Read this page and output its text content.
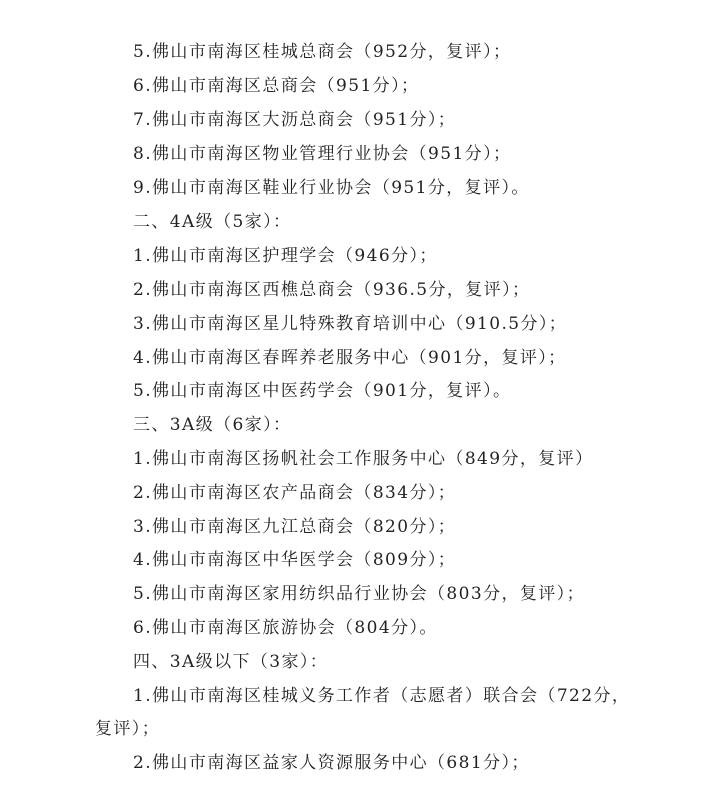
5.佛山市南海区桂城总商会（952分，复评）；
6.佛山市南海区总商会（951分）；
7.佛山市南海区大沥总商会（951分）；
8.佛山市南海区物业管理行业协会（951分）；
9.佛山市南海区鞋业行业协会（951分，复评）。
二、4A级（5家）：
1.佛山市南海区护理学会（946分）；
2.佛山市南海区西樵总商会（936.5分，复评）；
3.佛山市南海区星儿特殊教育培训中心（910.5分）；
4.佛山市南海区春晖养老服务中心（901分，复评）；
5.佛山市南海区中医药学会（901分，复评）。
三、3A级（6家）：
1.佛山市南海区扬帆社会工作服务中心（849分，复评）
2.佛山市南海区农产品商会（834分）；
3.佛山市南海区九江总商会（820分）；
4.佛山市南海区中华医学会（809分）；
5.佛山市南海区家用纺织品行业协会（803分，复评）；
6.佛山市南海区旅游协会（804分）。
四、3A级以下（3家）：
1.佛山市南海区桂城义务工作者（志愿者）联合会（722分，
复评）；
2.佛山市南海区益家人资源服务中心（681分）；
